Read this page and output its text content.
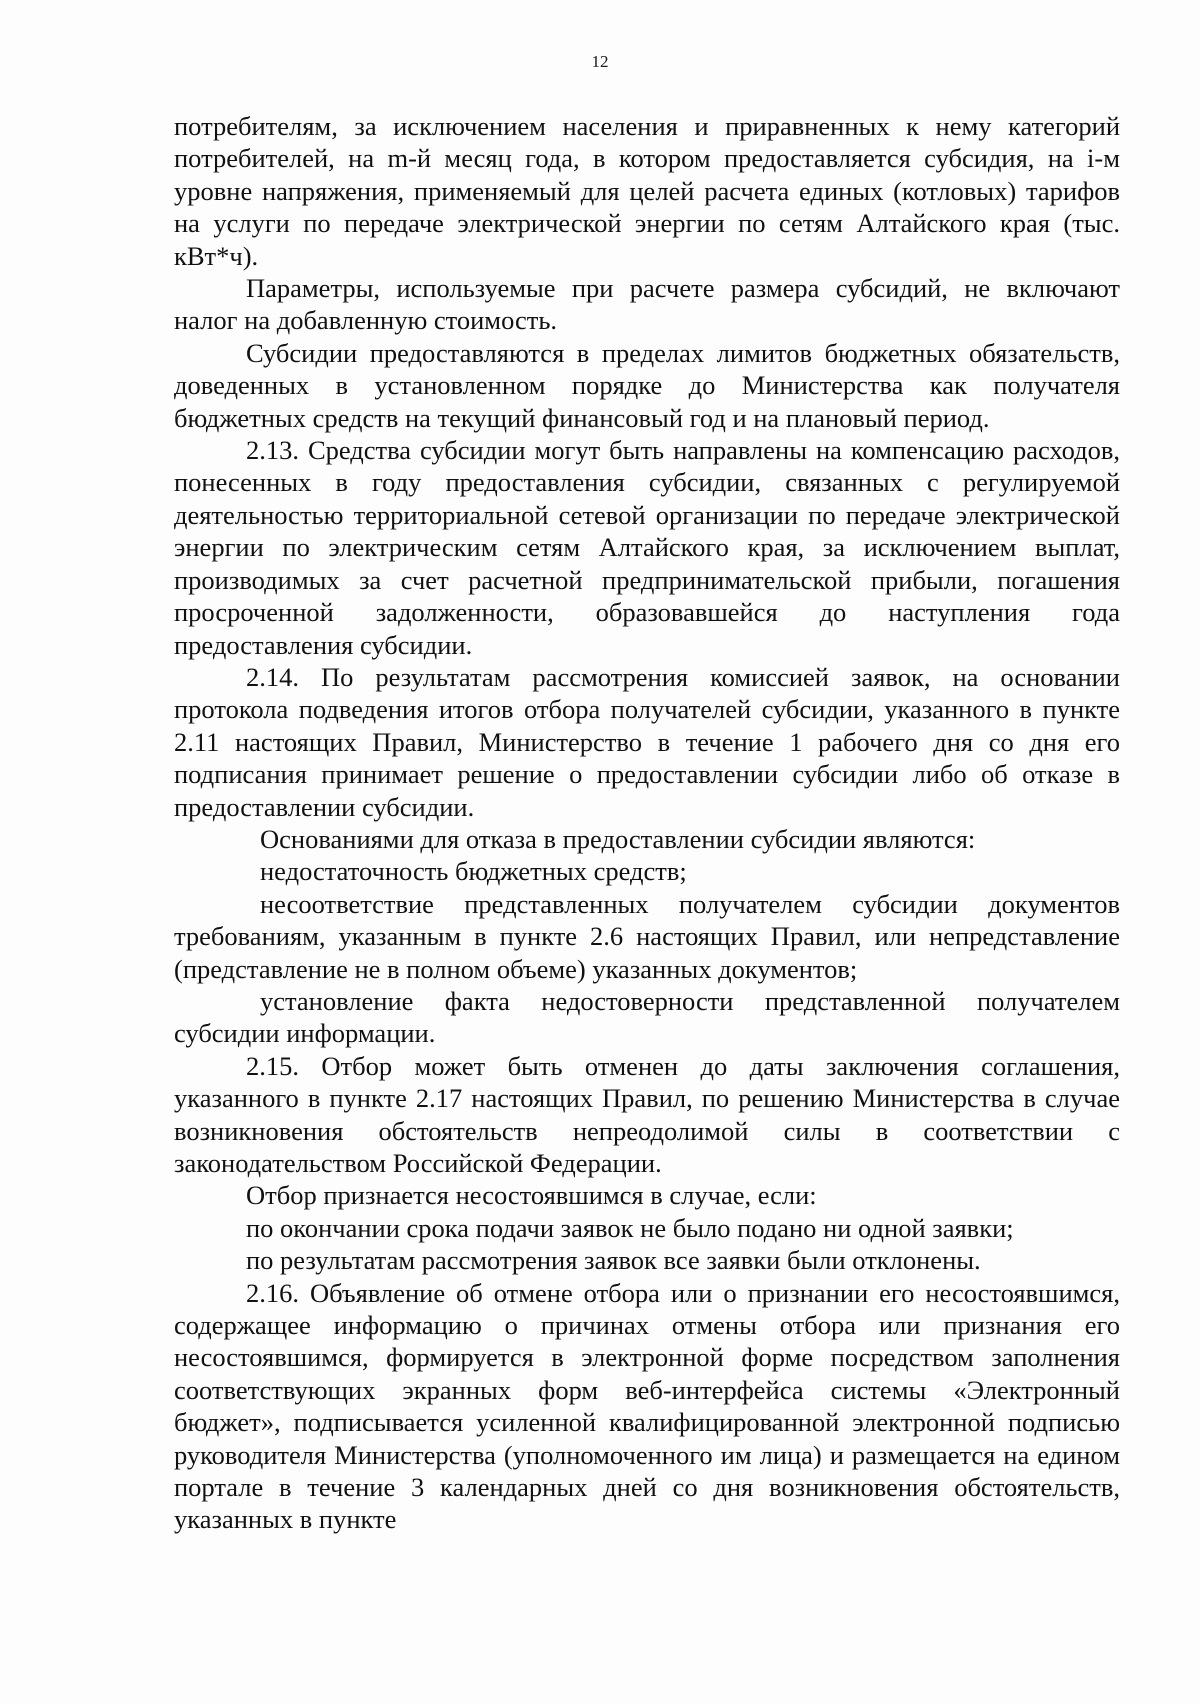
12

потребителям, за исключением населения и приравненных к нему категорий потребителей, на m-й месяц года, в котором предоставляется субсидия, на i-м уровне напряжения, применяемый для целей расчета единых (котловых) тарифов на услуги по передаче электрической энергии по сетям Алтайского края (тыс. кВт*ч).

Параметры, используемые при расчете размера субсидий, не включают налог на добавленную стоимость.

Субсидии предоставляются в пределах лимитов бюджетных обязательств, доведенных в установленном порядке до Министерства как получателя бюджетных средств на текущий финансовый год и на плановый период.

2.13. Средства субсидии могут быть направлены на компенсацию расходов, понесенных в году предоставления субсидии, связанных с регулируемой деятельностью территориальной сетевой организации по передаче электрической энергии по электрическим сетям Алтайского края, за исключением выплат, производимых за счет расчетной предпринимательской прибыли, погашения просроченной задолженности, образовавшейся до наступления года предоставления субсидии.

2.14. По результатам рассмотрения комиссией заявок, на основании протокола подведения итогов отбора получателей субсидии, указанного в пункте 2.11 настоящих Правил, Министерство в течение 1 рабочего дня со дня его подписания принимает решение о предоставлении субсидии либо об отказе в предоставлении субсидии.

Основаниями для отказа в предоставлении субсидии являются:

недостаточность бюджетных средств;

несоответствие представленных получателем субсидии документов требованиям, указанным в пункте 2.6 настоящих Правил, или непредставление (представление не в полном объеме) указанных документов;

установление факта недостоверности представленной получателем субсидии информации.

2.15. Отбор может быть отменен до даты заключения соглашения, указанного в пункте 2.17 настоящих Правил, по решению Министерства в случае возникновения обстоятельств непреодолимой силы в соответствии с законодательством Российской Федерации.

Отбор признается несостоявшимся в случае, если:

по окончании срока подачи заявок не было подано ни одной заявки;

по результатам рассмотрения заявок все заявки были отклонены.

2.16. Объявление об отмене отбора или о признании его несостоявшимся, содержащее информацию о причинах отмены отбора или признания его несостоявшимся, формируется в электронной форме посредством заполнения соответствующих экранных форм веб-интерфейса системы «Электронный бюджет», подписывается усиленной квалифицированной электронной подписью руководителя Министерства (уполномоченного им лица) и размещается на едином портале в течение 3 календарных дней со дня возникновения обстоятельств, указанных в пункте
